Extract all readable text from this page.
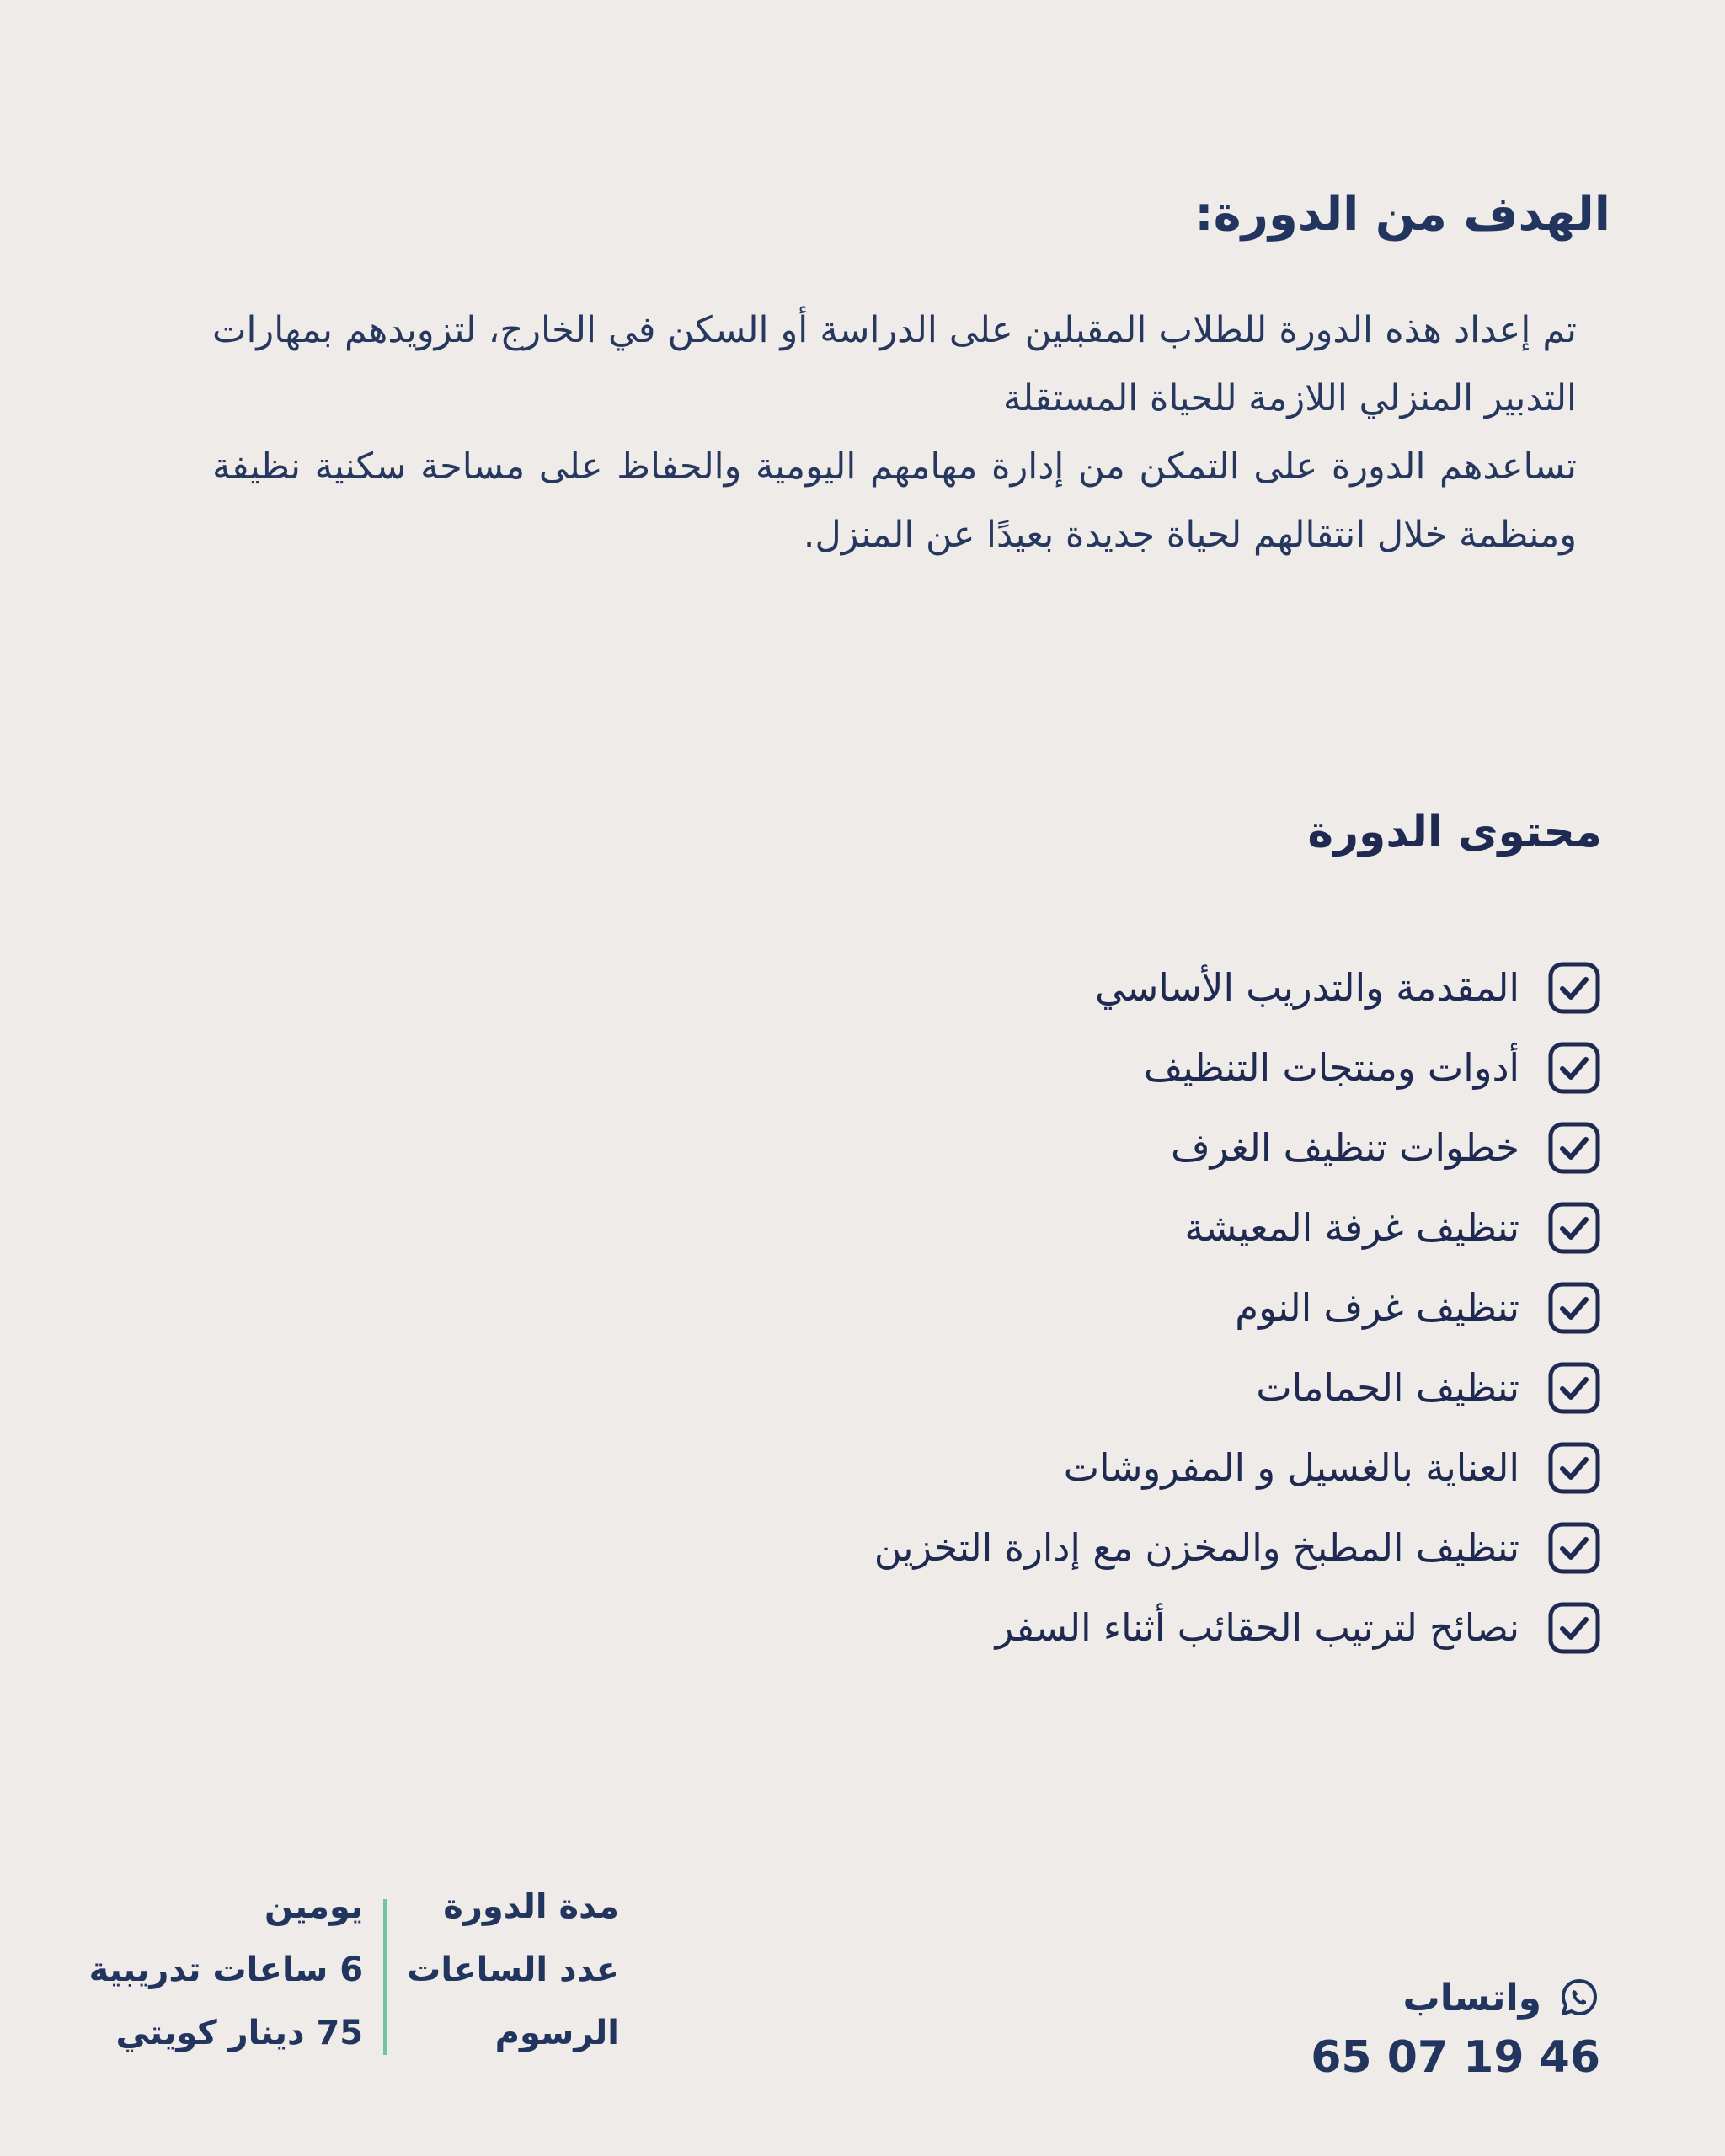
الهدف من الدورة:

تم إعداد هذه الدورة للطلاب المقبلين على الدراسة أو السكن في الخارج، لتزويدهم بمهارات التدبير المنزلي اللازمة للحياة المستقلة

تساعدهم الدورة على التمكن من إدارة مهامهم اليومية والحفاظ على مساحة سكنية نظيفة ومنظمة خلال انتقالهم لحياة جديدة بعيدًا عن المنزل.

محتوى الدورة
المقدمة والتدريب الأساسي
أدوات ومنتجات التنظيف
خطوات تنظيف الغرف
تنظيف غرفة المعيشة
تنظيف غرف النوم
تنظيف الحمامات
العناية بالغسيل و المفروشات
تنظيف المطبخ والمخزن مع إدارة التخزين
نصائح لترتيب الحقائب أثناء السفر
واتساب
65 07 19 46
مدة الدورة
عدد الساعات
الرسوم
يومين
6 ساعات تدريبية
75 دينار كويتي
